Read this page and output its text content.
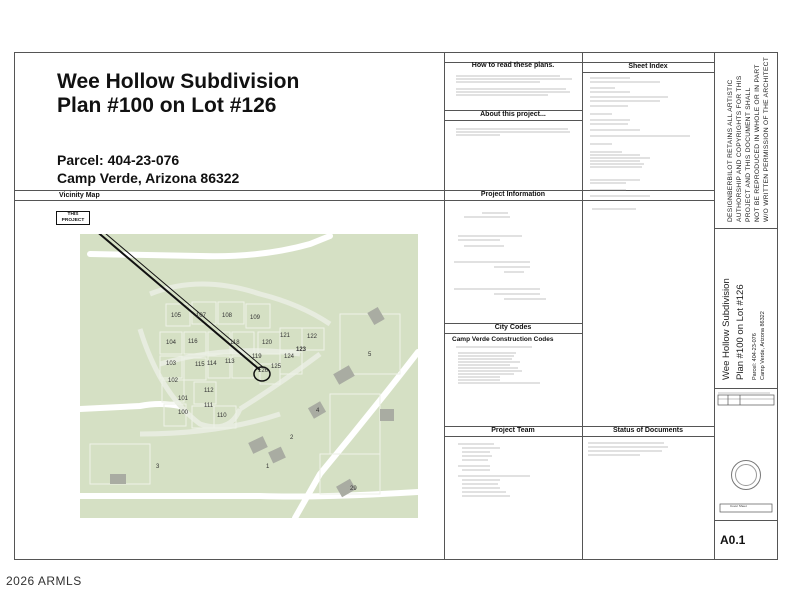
Wee Hollow Subdivision
Plan #100 on Lot #126
Parcel: 404-23-076
Camp Verde, Arizona 86322
How to read these plans.
About this project...
Sheet Index
Project Information
City Codes
Camp Verde Construction Codes
Project Team	Status of Documents
Vicinity Map
105 107	108	109
104 116	118	120
121	122
103	115 114 113
119	124
102
112
111
110
101
100
125
123
126
2
3
4
5
1
29
THIS PROJECT	DESIGNBERBILOT RETAINS ALL ARTISTIC AUTHORSHIP AND COPYRIGHTS FOR THIS PROJECT AND THIS DOCUMENT SHALL NOT BE REPRODUCED IN WHOLE OR IN PART W/O WRITTEN PERMISSION OF THE ARCHITECT
Wee Hollow Subdivision Plan #100 on Lot #126 Parcel: 404-23-076 Camp Verde, Arizona 86322
Cover Sheet
A0.1
2026 ARMLS
